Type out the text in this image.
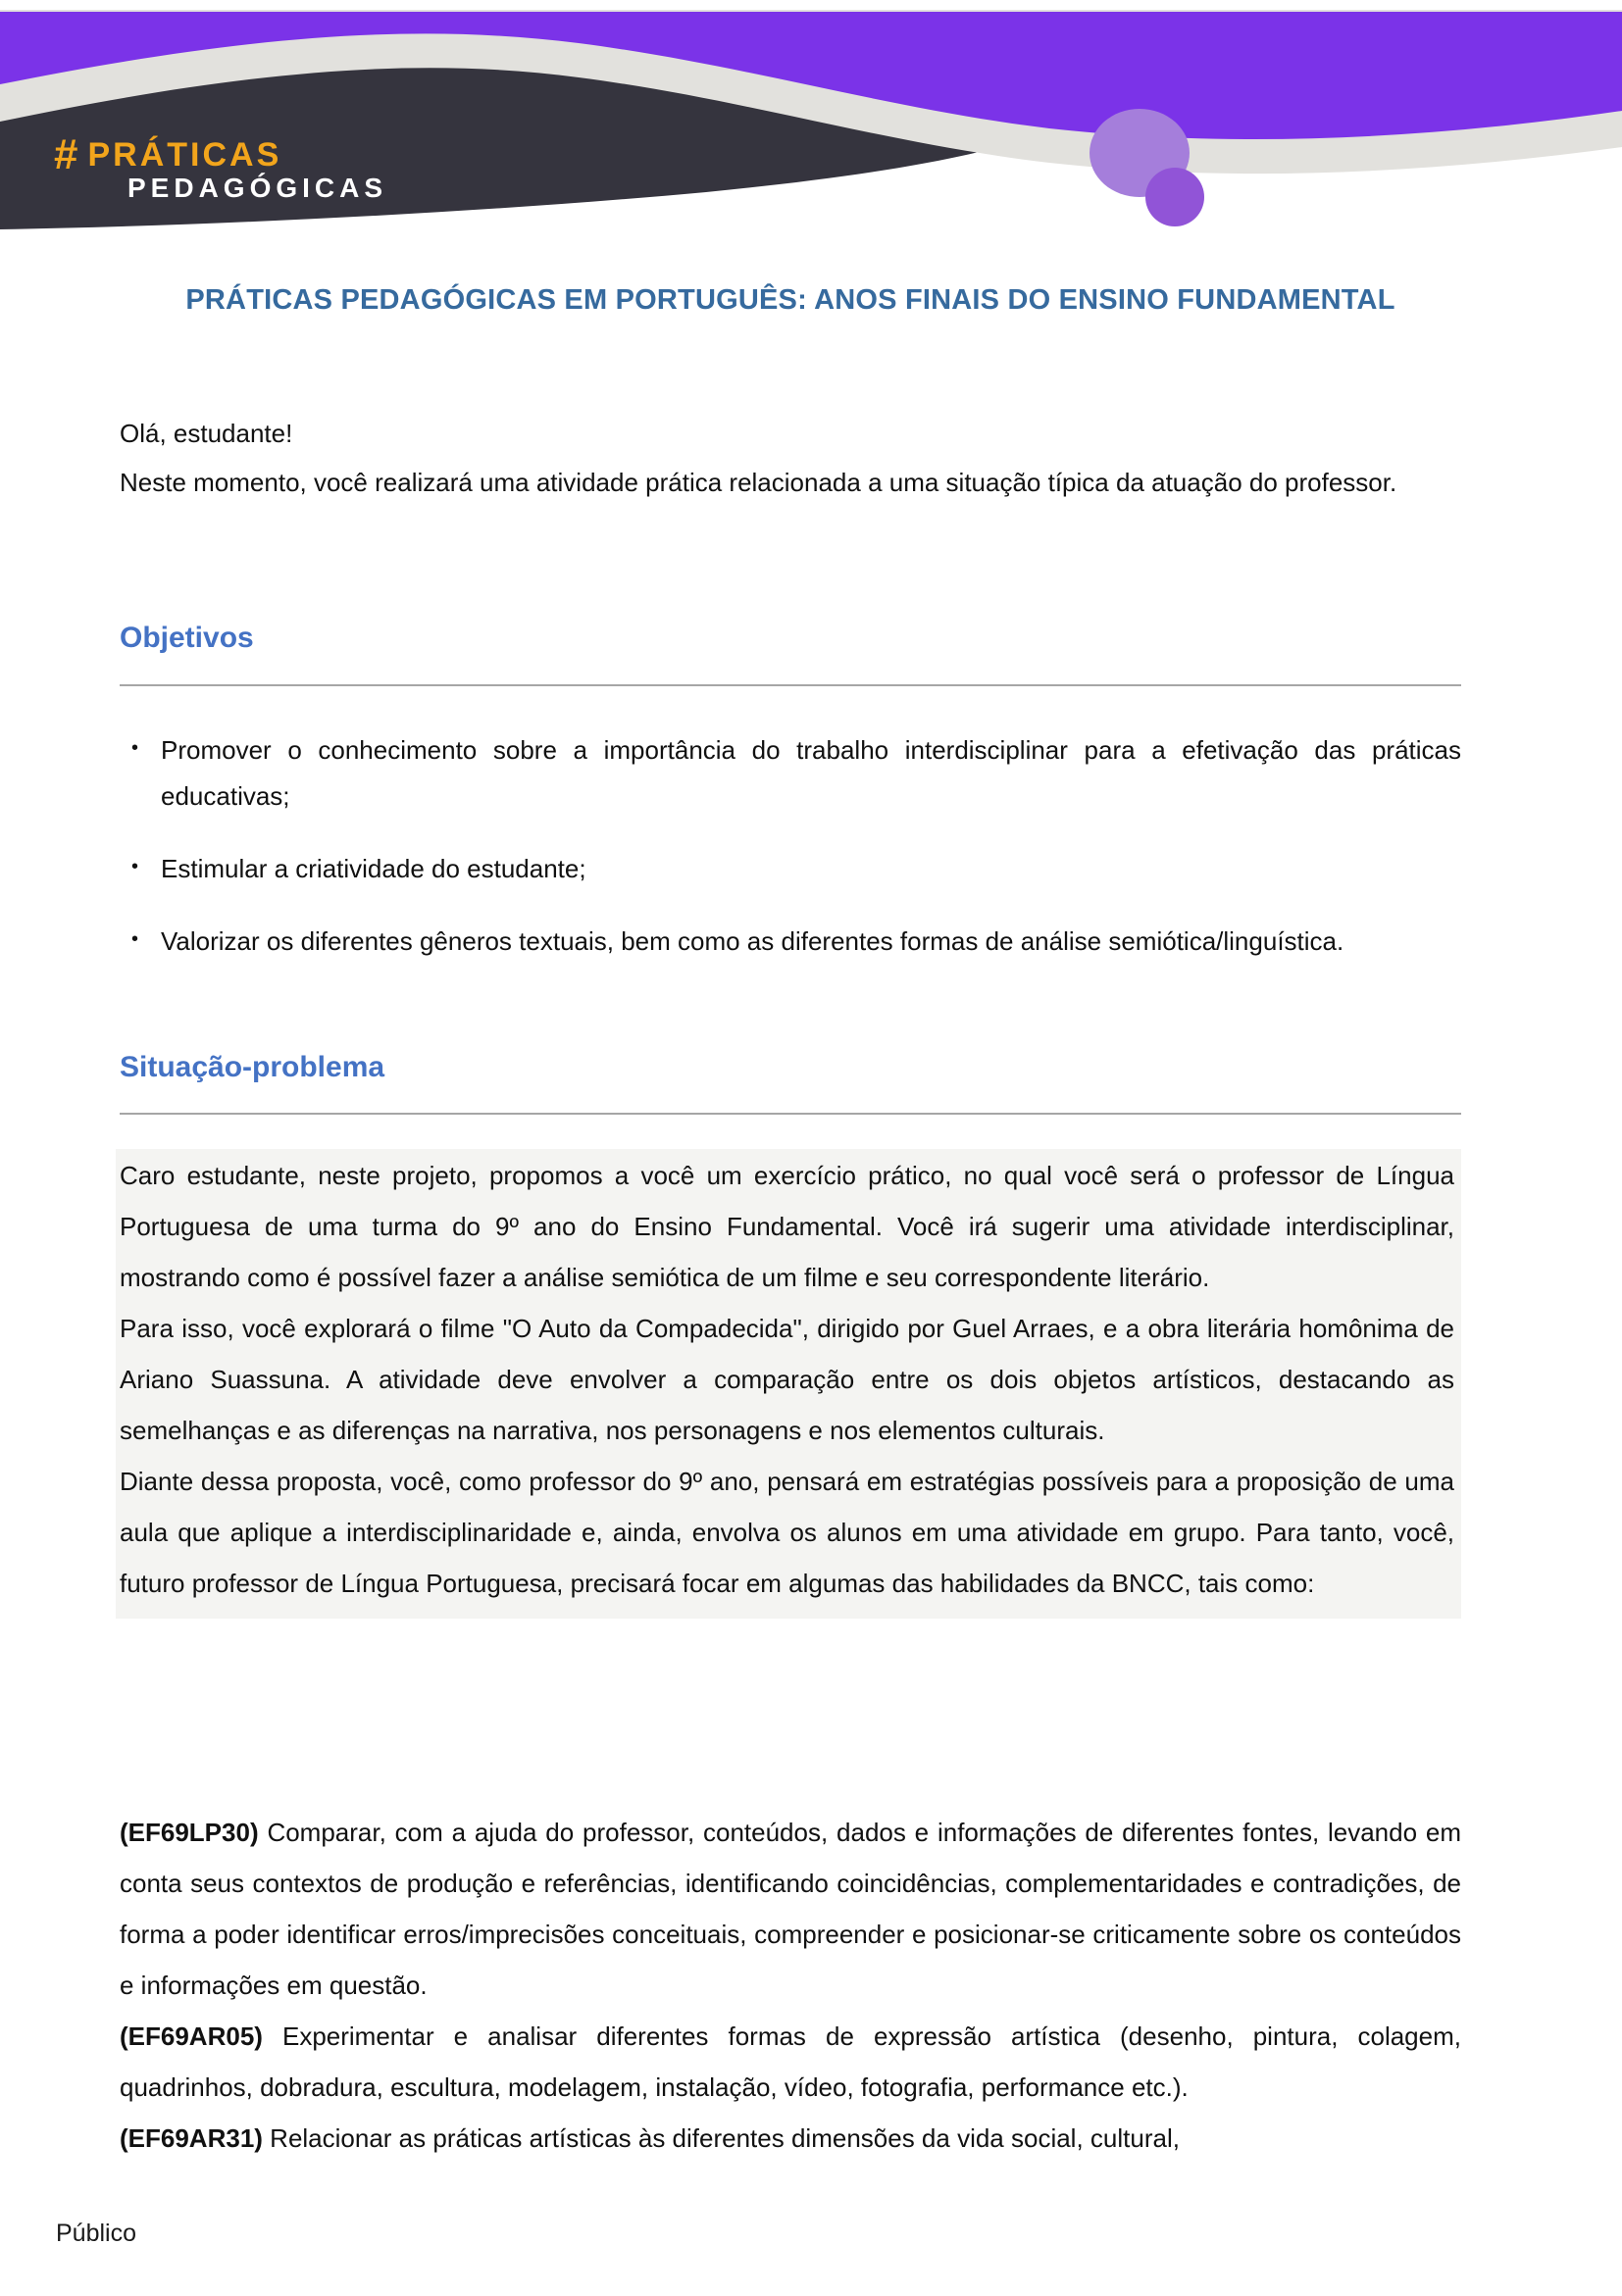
# PRÁTICAS
PEDAGÓGICAS
PRÁTICAS PEDAGÓGICAS EM PORTUGUÊS: ANOS FINAIS DO ENSINO FUNDAMENTAL

Olá, estudante!

Neste momento, você realizará uma atividade prática relacionada a uma situação típica da atuação do professor.

Objetivos
• Promover o conhecimento sobre a importância do trabalho interdisciplinar para a efetivação das práticas educativas;
• Estimular a criatividade do estudante;
• Valorizar os diferentes gêneros textuais, bem como as diferentes formas de análise semiótica/linguística.
Situação-problema

Caro estudante, neste projeto, propomos a você um exercício prático, no qual você será o professor de Língua Portuguesa de uma turma do 9º ano do Ensino Fundamental. Você irá sugerir uma atividade interdisciplinar, mostrando como é possível fazer a análise semiótica de um filme e seu correspondente literário.

Para isso, você explorará o filme "O Auto da Compadecida", dirigido por Guel Arraes, e a obra literária homônima de Ariano Suassuna. A atividade deve envolver a comparação entre os dois objetos artísticos, destacando as semelhanças e as diferenças na narrativa, nos personagens e nos elementos culturais.

Diante dessa proposta, você, como professor do 9º ano, pensará em estratégias possíveis para a proposição de uma aula que aplique a interdisciplinaridade e, ainda, envolva os alunos em uma atividade em grupo. Para tanto, você, futuro professor de Língua Portuguesa, precisará focar em algumas das habilidades da BNCC, tais como:

(EF69LP30) Comparar, com a ajuda do professor, conteúdos, dados e informações de diferentes fontes, levando em conta seus contextos de produção e referências, identificando coincidências, complementaridades e contradições, de forma a poder identificar erros/imprecisões conceituais, compreender e posicionar-se criticamente sobre os conteúdos e informações em questão.

(EF69AR05) Experimentar e analisar diferentes formas de expressão artística (desenho, pintura, colagem, quadrinhos, dobradura, escultura, modelagem, instalação, vídeo, fotografia, performance etc.).

(EF69AR31) Relacionar as práticas artísticas às diferentes dimensões da vida social, cultural,

Público
